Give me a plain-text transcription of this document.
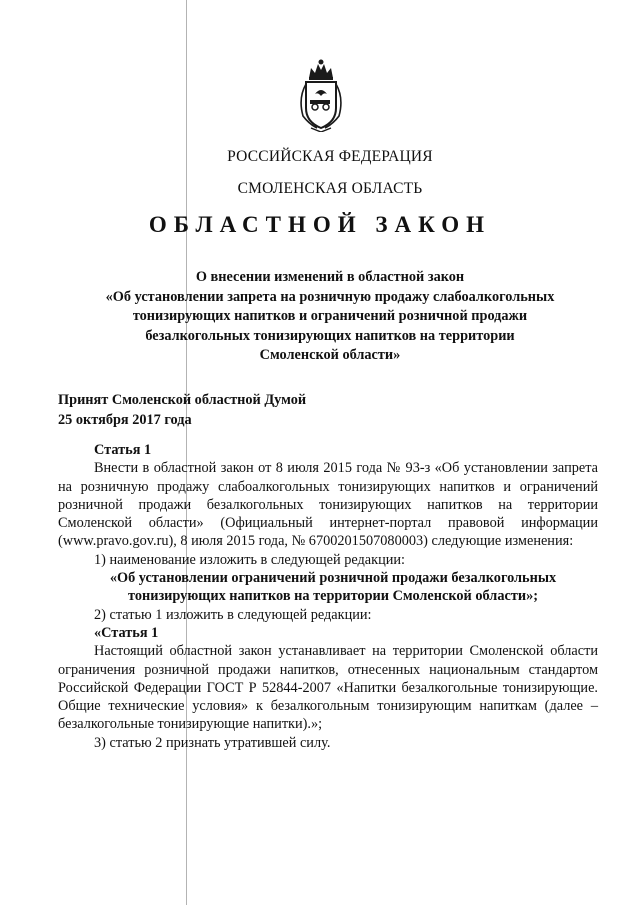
РОССИЙСКАЯ ФЕДЕРАЦИЯ
СМОЛЕНСКАЯ ОБЛАСТЬ
ОБЛАСТНОЙ ЗАКОН
О внесении изменений в областной закон
«Об установлении запрета на розничную продажу слабоалкогольных
тонизирующих напитков и ограничений розничной продажи
безалкогольных тонизирующих напитков на территории
Смоленской области»
Принят Смоленской областной Думой
25 октября 2017 года

Статья 1

Внести в областной закон от 8 июля 2015 года № 93-з «Об установлении запрета на розничную продажу слабоалкогольных тонизирующих напитков и ограничений розничной продажи безалкогольных тонизирующих напитков на территории Смоленской области» (Официальный интернет-портал правовой информации (www.pravo.gov.ru), 8 июля 2015 года, № 6700201507080003) следующие изменения:

1) наименование изложить в следующей редакции:

«Об установлении ограничений розничной продажи безалкогольных

тонизирующих напитков на территории Смоленской области»;

2) статью 1 изложить в следующей редакции:

«Статья 1

Настоящий областной закон устанавливает на территории Смоленской области ограничения розничной продажи напитков, отнесенных национальным стандартом Российской Федерации ГОСТ Р 52844-2007 «Напитки безалкогольные тонизирующие. Общие технические условия» к безалкогольным тонизирующим напиткам (далее – безалкогольные тонизирующие напитки).»;

3) статью 2 признать утратившей силу.
